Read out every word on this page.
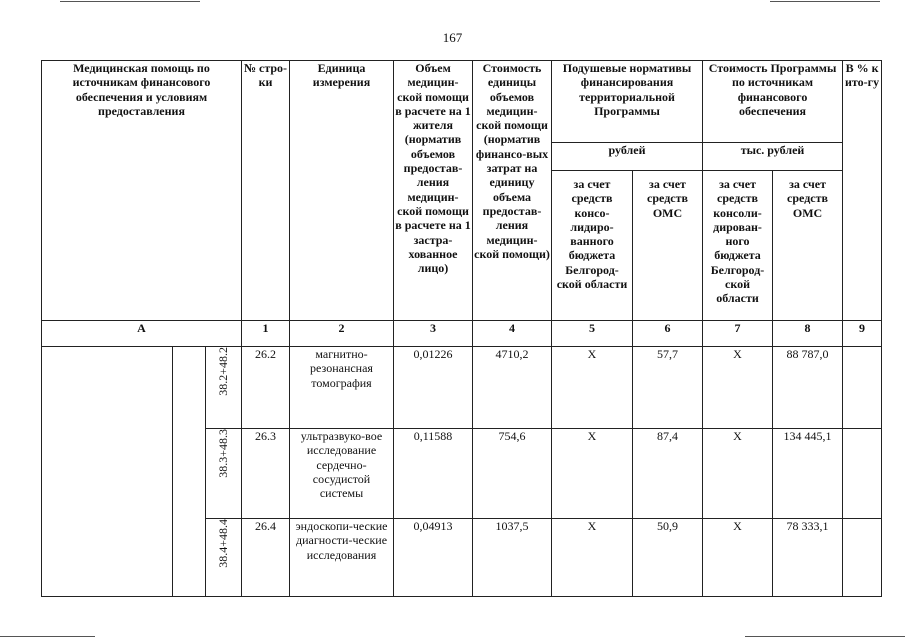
167
Медицинская помощь по источникам финансового обеспечения и условиям предоставления			№ стро-ки	Единица измерения	Объем медицин-ской помощи в расчете на 1 жителя (норматив объемов предостав-ления медицин-ской помощи в расчете на 1 застра-хованное лицо)	Стоимость единицы объемов медицин-ской помощи (норматив финансо-вых затрат на единицу объема предостав-ления медицин-ской помощи)	Подушевые нормативы финансирования территориальной Программы		Стоимость Программы по источникам финансового обеспечения		В % к ито-гу
							рублей		тыс. рублей		
							за счет средств консо-лидиро-ванного бюджета Белгород-ской области	за счет средств ОМС	за счет средств консоли-дирован-ного бюджета Белгород-ской области	за счет средств ОМС	
А			1	2	3	4	5	6	7	8	9

		38.2+48.2	26.2	магнитно-резонансная томография	0,01226	4710,2	Х	57,7	Х	88 787,0	

		38.3+48.3	26.3	ультразвуко-вое исследование сердечно-сосудистой системы	0,11588	754,6	Х	87,4	Х	134 445,1	

		38.4+48.4	26.4	эндоскопи-ческие диагности-ческие исследования	0,04913	1037,5	Х	50,9	Х	78 333,1	
